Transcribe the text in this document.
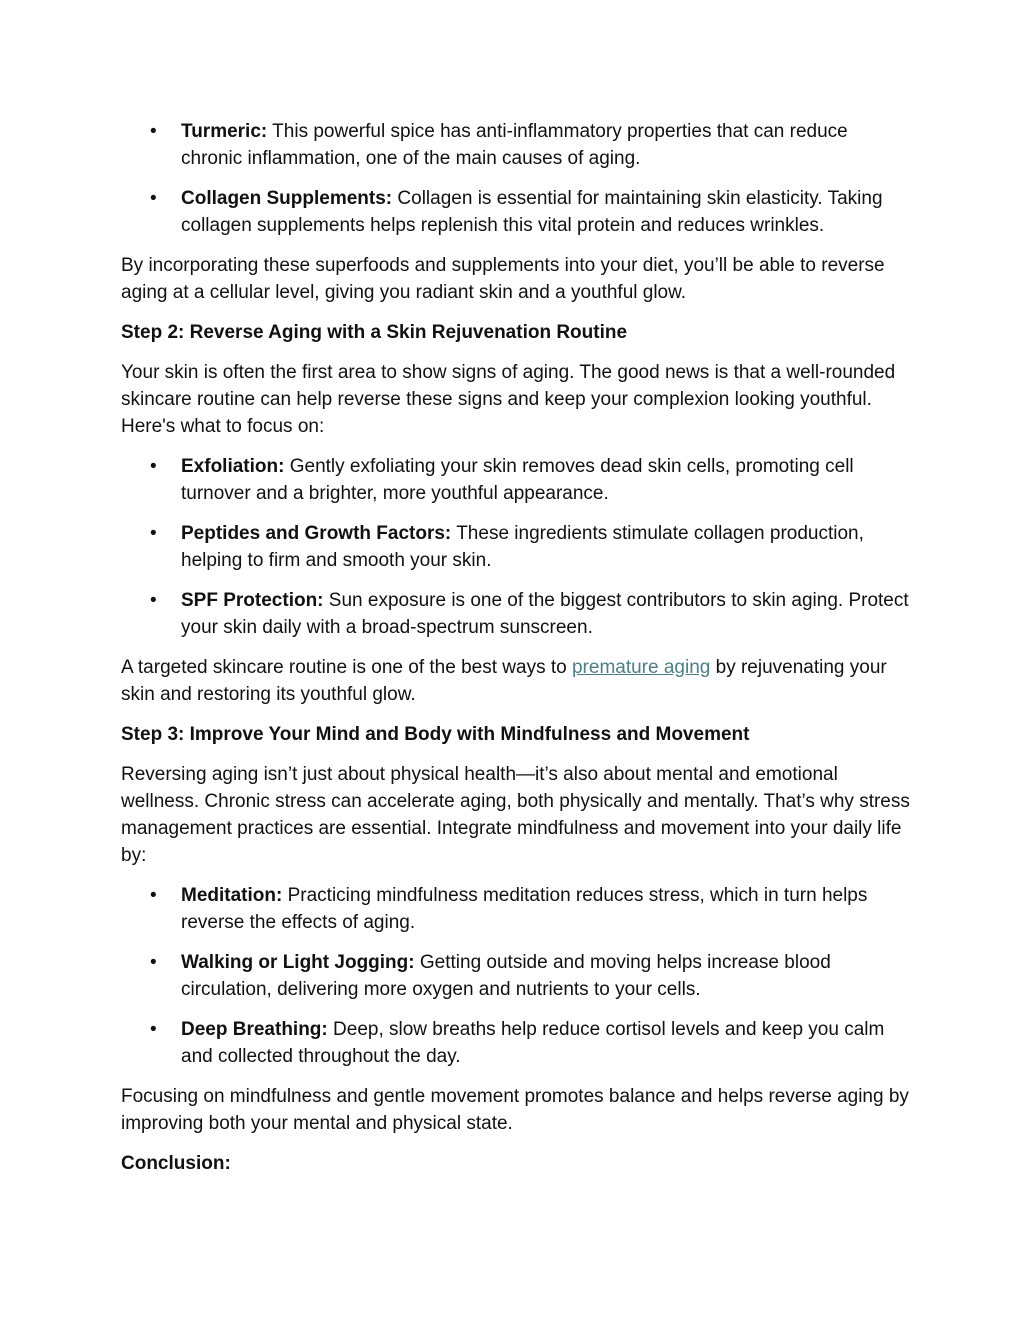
• Turmeric: This powerful spice has anti-inflammatory properties that can reduce chronic inflammation, one of the main causes of aging.
• Collagen Supplements: Collagen is essential for maintaining skin elasticity. Taking collagen supplements helps replenish this vital protein and reduces wrinkles.

By incorporating these superfoods and supplements into your diet, you’ll be able to reverse aging at a cellular level, giving you radiant skin and a youthful glow.

Step 2: Reverse Aging with a Skin Rejuvenation Routine

Your skin is often the first area to show signs of aging. The good news is that a well-rounded skincare routine can help reverse these signs and keep your complexion looking youthful. Here's what to focus on:

• Exfoliation: Gently exfoliating your skin removes dead skin cells, promoting cell turnover and a brighter, more youthful appearance.
• Peptides and Growth Factors: These ingredients stimulate collagen production, helping to firm and smooth your skin.
• SPF Protection: Sun exposure is one of the biggest contributors to skin aging. Protect your skin daily with a broad-spectrum sunscreen.

A targeted skincare routine is one of the best ways to premature aging by rejuvenating your skin and restoring its youthful glow.

Step 3: Improve Your Mind and Body with Mindfulness and Movement

Reversing aging isn’t just about physical health—it’s also about mental and emotional wellness. Chronic stress can accelerate aging, both physically and mentally. That’s why stress management practices are essential. Integrate mindfulness and movement into your daily life by:

• Meditation: Practicing mindfulness meditation reduces stress, which in turn helps reverse the effects of aging.
• Walking or Light Jogging: Getting outside and moving helps increase blood circulation, delivering more oxygen and nutrients to your cells.
• Deep Breathing: Deep, slow breaths help reduce cortisol levels and keep you calm and collected throughout the day.

Focusing on mindfulness and gentle movement promotes balance and helps reverse aging by improving both your mental and physical state.

Conclusion:
